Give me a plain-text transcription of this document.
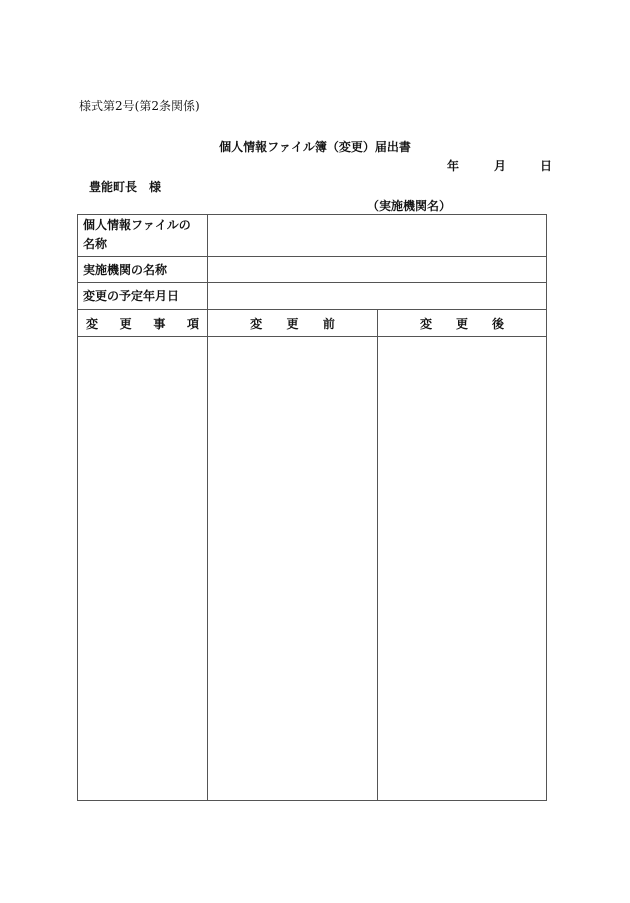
様式第2号(第2条関係)
個人情報ファイル簿（変更）届出書
年	月	日
豊能町長　様
（実施機関名）
個人情報ファイルの名称		
実施機関の名称		
変更の予定年月日		

変 更 事 項	変 更 前	変 更 後
